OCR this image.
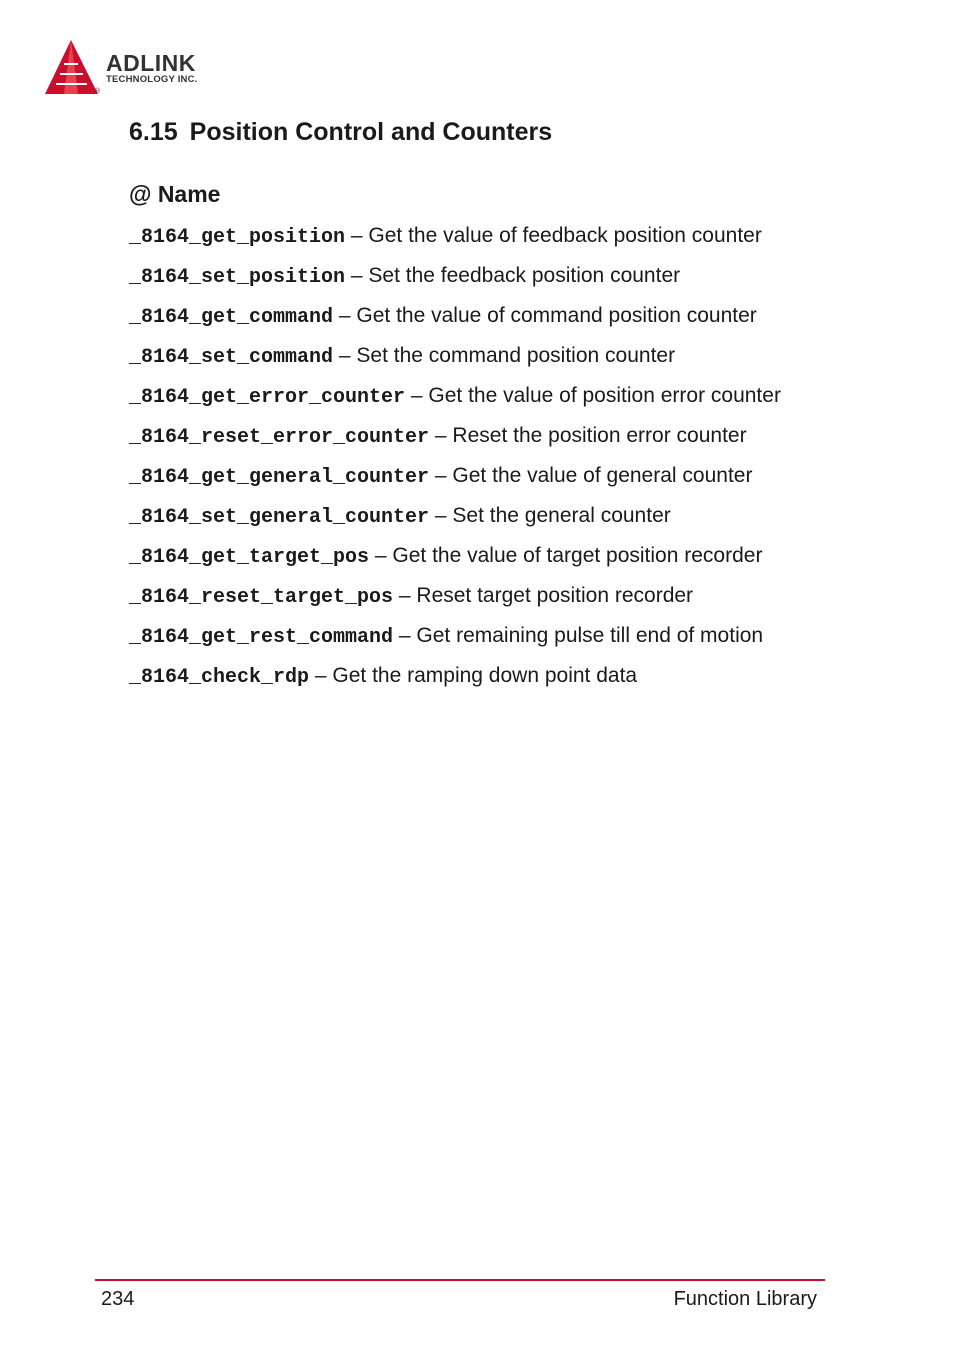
ADLINK
TECHNOLOGY INC.
®
6.15 Position Control and Counters
@ Name
_8164_get_position – Get the value of feedback position counter
_8164_set_position – Set the feedback position counter
_8164_get_command – Get the value of command position counter
_8164_set_command – Set the command position counter
_8164_get_error_counter – Get the value of position error counter
_8164_reset_error_counter – Reset the position error counter
_8164_get_general_counter – Get the value of general counter
_8164_set_general_counter – Set the general counter
_8164_get_target_pos – Get the value of target position recorder
_8164_reset_target_pos – Reset target position recorder
_8164_get_rest_command – Get remaining pulse till end of motion
_8164_check_rdp – Get the ramping down point data
234	Function Library
